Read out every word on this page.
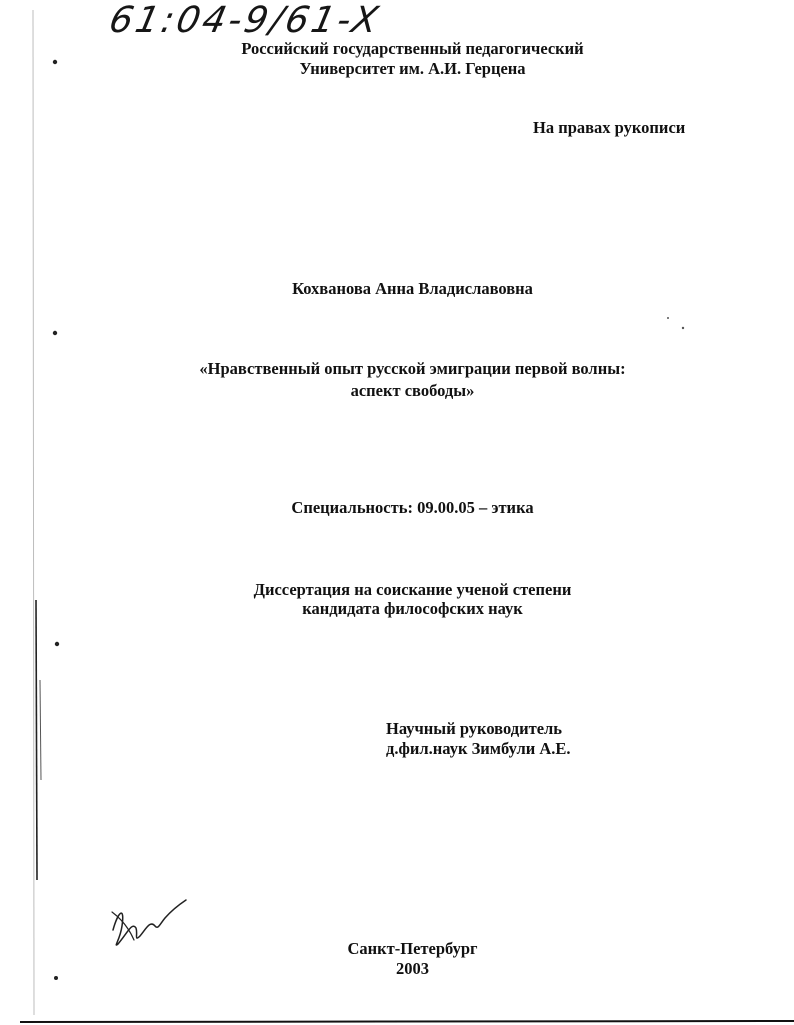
61:04-9/61-X
Российский государственный педагогический
Университет им. А.И. Герцена
На правах рукописи
Кохванова Анна Владиславовна
«Нравственный опыт русской эмиграции первой волны:
аспект свободы»
Специальность: 09.00.05 – этика
Диссертация на соискание ученой степени
кандидата философских наук
Научный руководитель
д.фил.наук Зимбули А.Е.
Санкт-Петербург
2003
